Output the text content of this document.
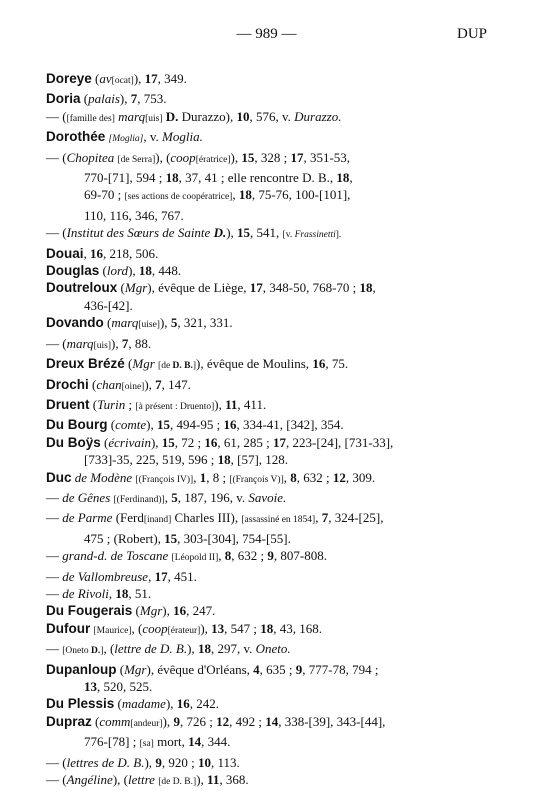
— 989 —	DUP
Doreye (av[ocat]), 17, 349.
Doria (palais), 7, 753.
— ([famille des] marq[uis] D. Durazzo), 10, 576, v. Durazzo.
Dorothée [Moglia], v. Moglia.
— (Chopitea [de Serra]), (coop[ératrice]), 15, 328 ; 17, 351-53,
770-[71], 594 ; 18, 37, 41 ; elle rencontre D. B., 18,
69-70 ; [ses actions de coopératrice], 18, 75-76, 100-[101],
110, 116, 346, 767.
— (Institut des Sœurs de Sainte D.), 15, 541, [v. Frassinetti].
Douai, 16, 218, 506.
Douglas (lord), 18, 448.
Doutreloux (Mgr), évêque de Liège, 17, 348-50, 768-70 ; 18,
436-[42].
Dovando (marq[uise]), 5, 321, 331.
— (marq[uis]), 7, 88.
Dreux Brézé (Mgr [de D. B.]), évêque de Moulins, 16, 75.
Drochi (chan[oine]), 7, 147.
Druent (Turin ; [à présent : Druento]), 11, 411.
Du Bourg (comte), 15, 494-95 ; 16, 334-41, [342], 354.
Du Boÿs (écrivain), 15, 72 ; 16, 61, 285 ; 17, 223-[24], [731-33],
[733]-35, 225, 519, 596 ; 18, [57], 128.
Duc de Modène [(François IV)], 1, 8 ; [(François V)], 8, 632 ; 12, 309.
— de Gênes [(Ferdinand)], 5, 187, 196, v. Savoie.
— de Parme (Ferd[inand] Charles III), [assassiné en 1854], 7, 324-[25],
475 ; (Robert), 15, 303-[304], 754-[55].
— grand-d. de Toscane [Léopold II], 8, 632 ; 9, 807-808.
— de Vallombreuse, 17, 451.
— de Rivoli, 18, 51.
Du Fougerais (Mgr), 16, 247.
Dufour [Maurice], (coop[érateur]), 13, 547 ; 18, 43, 168.
— [Oneto D.], (lettre de D. B.), 18, 297, v. Oneto.
Dupanloup (Mgr), évêque d'Orléans, 4, 635 ; 9, 777-78, 794 ;
13, 520, 525.
Du Plessis (madame), 16, 242.
Dupraz (comm[andeur]), 9, 726 ; 12, 492 ; 14, 338-[39], 343-[44],
776-[78] ; [sa] mort, 14, 344.
— (lettres de D. B.), 9, 920 ; 10, 113.
— (Angéline), (lettre [de D. B.]), 11, 368.
